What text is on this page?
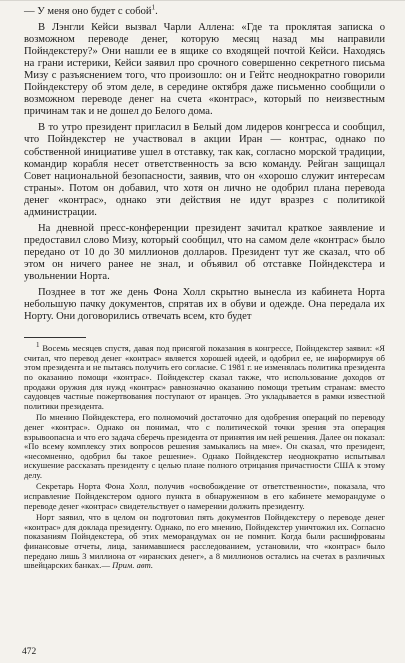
— У меня оно будет с собой$^1$.

В Лэнгли Кейси вызвал Чарли Аллена: «Где та проклятая записка о возможном переводе денег, которую месяц назад мы направили Пойндекстеру?» Они нашли ее в ящике со входящей почтой Кейси. Находясь на грани истерики, Кейси заявил про срочного совершенно секретного письма Мизу с разъяснением того, что произошло: он и Гейтс неоднократно говорили Пойндекстеру об этом деле, в середине октября даже письменно сообщили о возможном переводе денег на счета «контрас», который по неизвестным причинам так и не дошел до Белого дома.

В то утро президент пригласил в Белый дом лидеров конгресса и сообщил, что Пойндекстер не участвовал в акции Иран — контрас, однако по собственной инициативе ушел в отставку, так как, согласно морской традиции, командир корабля несет ответственность за всю команду. Рейган защищал Совет национальной безопасности, заявив, что он «хорошо служит интересам страны». Потом он добавил, что хотя он лично не одобрил плана перевода денег «контрас», однако эти действия не идут вразрез с политикой администрации.

На дневной пресс-конференции президент зачитал краткое заявление и предоставил слово Мизу, который сообщил, что на самом деле «контрас» было передано от 10 до 30 миллионов долларов. Президент тут же сказал, что об этом он ничего ранее не знал, и объявил об отставке Пойндекстера и увольнении Норта.

Позднее в тот же день Фона Холл скрытно вынесла из кабинета Норта небольшую пачку документов, спрятав их в обуви и одежде. Она передала их Норту. Они договорились отвечать всем, кто будет

$^1$ Восемь месяцев спустя, давая под присягой показания в конгрессе, Пойндекстер заявил: «Я считал, что перевод денег «контрас» является хорошей идеей, и одобрил ее, не информируя об этом президента и не пытаясь получить его согласие. С 1981 г. не изменялась политика президента по оказанию помощи «контрас». Пойндекстер сказал также, что использование доходов от продажи оружия для нужд «контрас» равнозначно оказанию помощи третьим странам: вместо саудовцев частные пожертвования поступают от иранцев. Это укладывается в рамки известной политики президента.

По мнению Пойндекстера, его полномочий достаточно для одобрения операций по переводу денег «контрас». Однако он понимал, что с политической точки зрения эта операция взрывоопасна и что его задача сберечь президента от принятия им ней решения. Далее он показал: «По всему комплексу этих вопросов решения замыкались на мне». Он сказал, что президент, «несомненно, одобрил бы такое решение». Однако Пойндекстер неоднократно испытывал искушение рассказать президенту с целью плане полного отрицания причастности США к этому делу.

Секретарь Норта Фона Холл, получив «освобождение от ответственности», показала, что исправление Пойндекстером одного пункта в обнаруженном в его кабинете меморандуме о переводе денег «контрас» свидетельствует о намерении должить президенту.

Норт заявил, что в целом он подготовил пять документов Пойндекстеру о переводе денег «контрас» для доклада президенту. Однако, по его мнению, Пойндекстер уничтожил их. Согласно показаниям Пойндекстера, об этих меморандумах он не помнит. Когда были расшифрованы финансовые отчеты, лица, занимавшиеся расследованием, установили, что «контрас» было передано лишь 3 миллиона от «иранских денег», а 8 миллионов остались на счетах в различных швейцарских банках.— Прим. авт.

472
